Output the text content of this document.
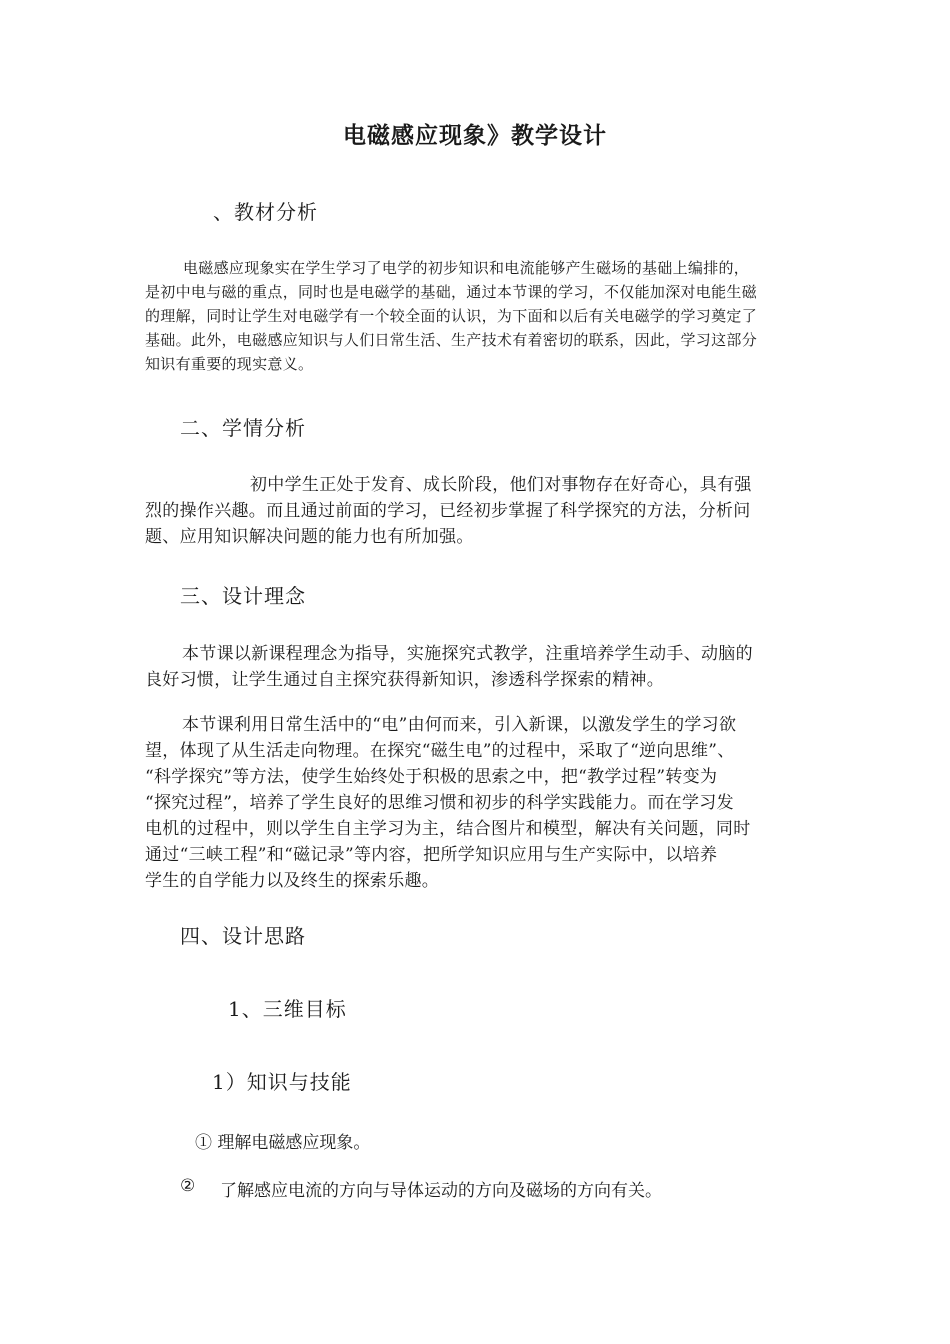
电磁感应现象》教学设计
、教材分析
电磁感应现象实在学生学习了电学的初步知识和电流能够产生磁场的基础上编排的，
是初中电与磁的重点，同时也是电磁学的基础，通过本节课的学习，不仅能加深对电能生磁
的理解，同时让学生对电磁学有一个较全面的认识，为下面和以后有关电磁学的学习奠定了
基础。此外，电磁感应知识与人们日常生活、生产技术有着密切的联系，因此，学习这部分
知识有重要的现实意义。
二、学情分析
初中学生正处于发育、成长阶段，他们对事物存在好奇心，具有强
烈的操作兴趣。而且通过前面的学习，已经初步掌握了科学探究的方法，分析问
题、应用知识解决问题的能力也有所加强。
三、设计理念
本节课以新课程理念为指导，实施探究式教学，注重培养学生动手、动脑的
良好习惯，让学生通过自主探究获得新知识，渗透科学探索的精神。
本节课利用日常生活中的“电”由何而来，引入新课，以激发学生的学习欲
望，体现了从生活走向物理。在探究“磁生电”的过程中，采取了“逆向思维”、
“科学探究”等方法，使学生始终处于积极的思索之中，把“教学过程”转变为
“探究过程”，培养了学生良好的思维习惯和初步的科学实践能力。而在学习发
电机的过程中，则以学生自主学习为主，结合图片和模型，解决有关问题，同时
通过“三峡工程”和“磁记录”等内容，把所学知识应用与生产实际中，以培养
学生的自学能力以及终生的探索乐趣。
四、设计思路
1、三维目标
1）知识与技能
① 理解电磁感应现象。
② 了解感应电流的方向与导体运动的方向及磁场的方向有关。
